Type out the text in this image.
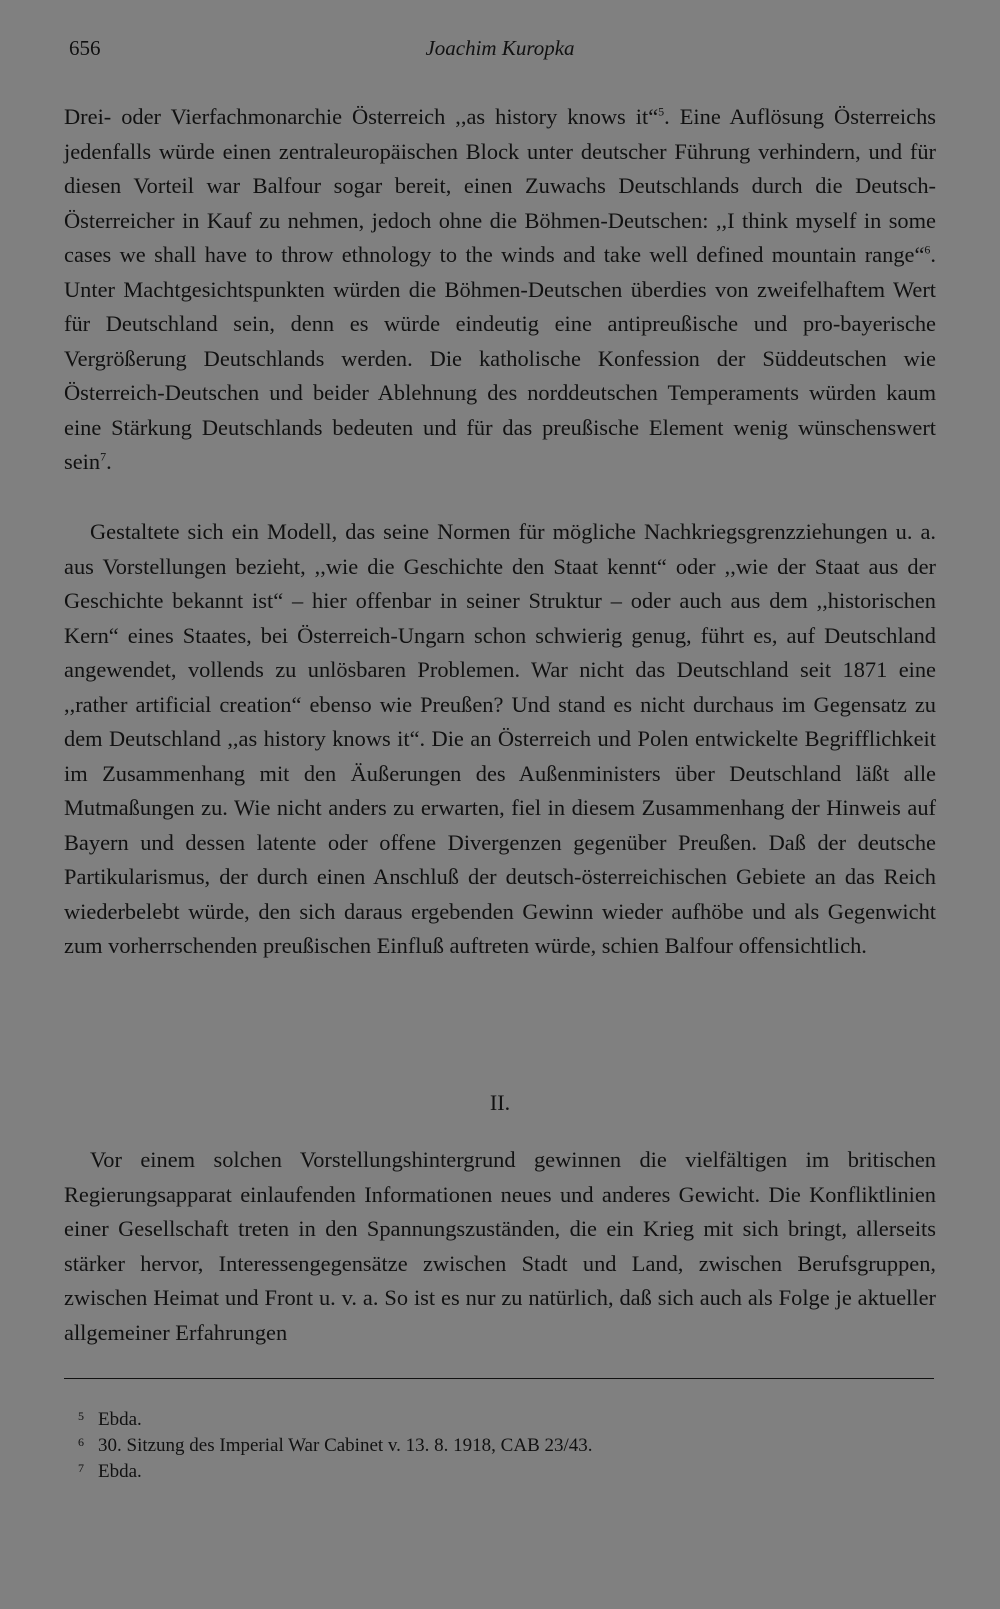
656	Joachim Kuropka

Drei- oder Vierfachmonarchie Österreich ,,as history knows it“$^5$. Eine Auflösung Österreichs jedenfalls würde einen zentraleuropäischen Block unter deutscher Führung verhindern, und für diesen Vorteil war Balfour sogar bereit, einen Zuwachs Deutschlands durch die Deutsch-Österreicher in Kauf zu nehmen, jedoch ohne die Böhmen-Deutschen: ,,I think myself in some cases we shall have to throw ethnology to the winds and take well defined mountain range“$^6$. Unter Machtgesichtspunkten würden die Böhmen-Deutschen überdies von zweifelhaftem Wert für Deutschland sein, denn es würde eindeutig eine antipreußische und pro-bayerische Vergrößerung Deutschlands werden. Die katholische Konfession der Süddeutschen wie Österreich-Deutschen und beider Ablehnung des norddeutschen Temperaments würden kaum eine Stärkung Deutschlands bedeuten und für das preußische Element wenig wünschenswert sein$^7$.

Gestaltete sich ein Modell, das seine Normen für mögliche Nachkriegsgrenzziehungen u. a. aus Vorstellungen bezieht, ,,wie die Geschichte den Staat kennt“ oder ,,wie der Staat aus der Geschichte bekannt ist“ – hier offenbar in seiner Struktur – oder auch aus dem ,,historischen Kern“ eines Staates, bei Österreich-Ungarn schon schwierig genug, führt es, auf Deutschland angewendet, vollends zu unlösbaren Problemen. War nicht das Deutschland seit 1871 eine ,,rather artificial creation“ ebenso wie Preußen? Und stand es nicht durchaus im Gegensatz zu dem Deutschland ,,as history knows it“. Die an Österreich und Polen entwickelte Begrifflichkeit im Zusammenhang mit den Äußerungen des Außenministers über Deutschland läßt alle Mutmaßungen zu. Wie nicht anders zu erwarten, fiel in diesem Zusammenhang der Hinweis auf Bayern und dessen latente oder offene Divergenzen gegenüber Preußen. Daß der deutsche Partikularismus, der durch einen Anschluß der deutsch-österreichischen Gebiete an das Reich wiederbelebt würde, den sich daraus ergebenden Gewinn wieder aufhöbe und als Gegenwicht zum vorherrschenden preußischen Einfluß auftreten würde, schien Balfour offensichtlich.

II.

Vor einem solchen Vorstellungshintergrund gewinnen die vielfältigen im britischen Regierungsapparat einlaufenden Informationen neues und anderes Gewicht. Die Konfliktlinien einer Gesellschaft treten in den Spannungszuständen, die ein Krieg mit sich bringt, allerseits stärker hervor, Interessengegensätze zwischen Stadt und Land, zwischen Berufsgruppen, zwischen Heimat und Front u. v. a. So ist es nur zu natürlich, daß sich auch als Folge je aktueller allgemeiner Erfahrungen

5 Ebda.
6 30. Sitzung des Imperial War Cabinet v. 13. 8. 1918, CAB 23/43.
7 Ebda.
